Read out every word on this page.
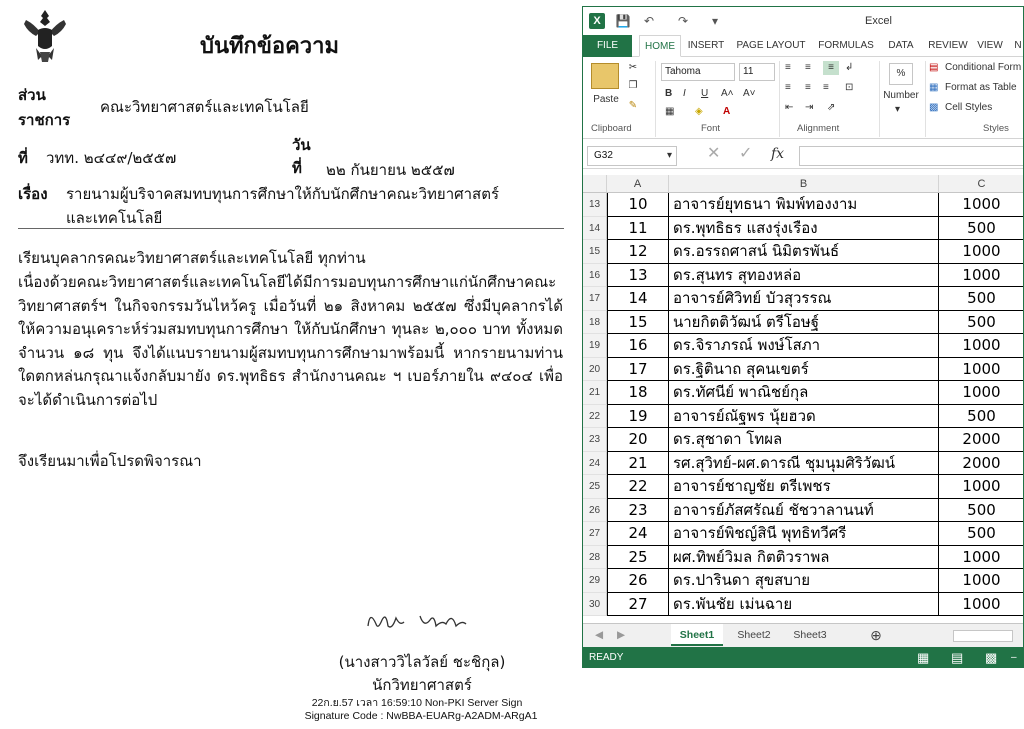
บันทึกข้อความ
ส่วน
ราชการ
คณะวิทยาศาสตร์และเทคโนโลยี
ที่ วทท. ๒๔๔๙/๒๕๕๗
วัน
ที่ ๒๒ กันยายน ๒๕๕๗
เรื่อง รายนามผู้บริจาคสมทบทุนการศึกษาให้กับนักศึกษาคณะวิทยาศาสตร์
และเทคโนโลยี
เรียนบุคลากรคณะวิทยาศาสตร์และเทคโนโลยี ทุกท่าน
เนื่องด้วยคณะวิทยาศาสตร์และเทคโนโลยีได้มีการมอบทุนการศึกษาแก่นักศึกษาคณะวิทยาศาสตร์ฯ ในกิจจกรรมวันไหว้ครู เมื่อวันที่ ๒๑ สิงหาคม ๒๕๕๗ ซึ่งมีบุคลากรได้ให้ความอนุเคราะห์ร่วมสมทบทุนการศึกษา ให้กับนักศึกษา ทุนละ ๒,๐๐๐ บาท ทั้งหมด จำนวน ๑๘ ทุน จึงได้แนบรายนามผู้สมทบทุนการศึกษามาพร้อมนี้ หากรายนามท่านใดตกหล่นกรุณาแจ้งกลับมายัง ดร.พุทธิธร สำนักงานคณะ ฯ เบอร์ภายใน ๙๔๐๔ เพื่อจะได้ดำเนินการต่อไป
จึงเรียนมาเพื่อโปรดพิจารณา
(นางสาววิไลวัลย์ ชะชิกุล)
นักวิทยาศาสตร์
22ก.ย.57 เวลา 16:59:10 Non-PKI Server Sign
Signature Code : NwBBA-EUARg-A2ADM-ARgA1
X	💾 ↶ ↷	▾	Excel
FILE	HOME	INSERT	PAGE LAYOUT	FORMULAS	DATA	REVIEW VIEW	N
Paste
✂
❐
✎
Clipboard
Tahoma	11
B I U A˄ A˅
▦ ◈ A
Font
≡ ≡	≡	↲
≡ ≡ ≡ ⊡
⇤ ⇥ ⇗
Alignment
%
Number
▾
▤ Conditional Form
▦ Format as Table
▩ Cell Styles
Styles
G32	▾ ✕ ✓ fx
A	B	C
13	10	อาจารย์ยุทธนา พิมพ์ทองงาม	1000
14	11	ดร.พุทธิธร แสงรุ่งเรือง	500
15	12	ดร.อรรถศาสน์ นิมิตรพันธ์	1000
16	13	ดร.สุนทร สุทองหล่อ	1000
17	14	อาจารย์ศิวิทย์ บัวสุวรรณ	500
18	15	นายกิตติวัฒน์ ตรีโอษฐ์	500
19	16	ดร.จิราภรณ์ พงษ์โสภา	1000
20	17	ดร.ฐิตินาถ สุคนเขตร์	1000
21	18	ดร.ทัศนีย์ พาณิชย์กุล	1000
22	19	อาจารย์ณัฐพร นุ้ยฮวด	500
23	20	ดร.สุชาดา โทผล	2000
24	21	รศ.สุวิทย์-ผศ.ดารณี ชุมนุมศิริวัฒน์	2000
25	22	อาจารย์ชาญชัย ตรีเพชร	1000
26	23	อาจารย์ภัสศรัณย์ ชัชวาลานนท์	500
27	24	อาจารย์พิชญ์สินี พุทธิทวีศรี	500
28	25	ผศ.ทิพย์วิมล กิตติวราพล	1000
29	26	ดร.ปารินดา สุขสบาย	1000
30	27	ดร.พันชัย เม่นฉาย	1000
◀	▶	Sheet1	Sheet2	Sheet3	⊕
READY	▦ ▤ ▩ –
